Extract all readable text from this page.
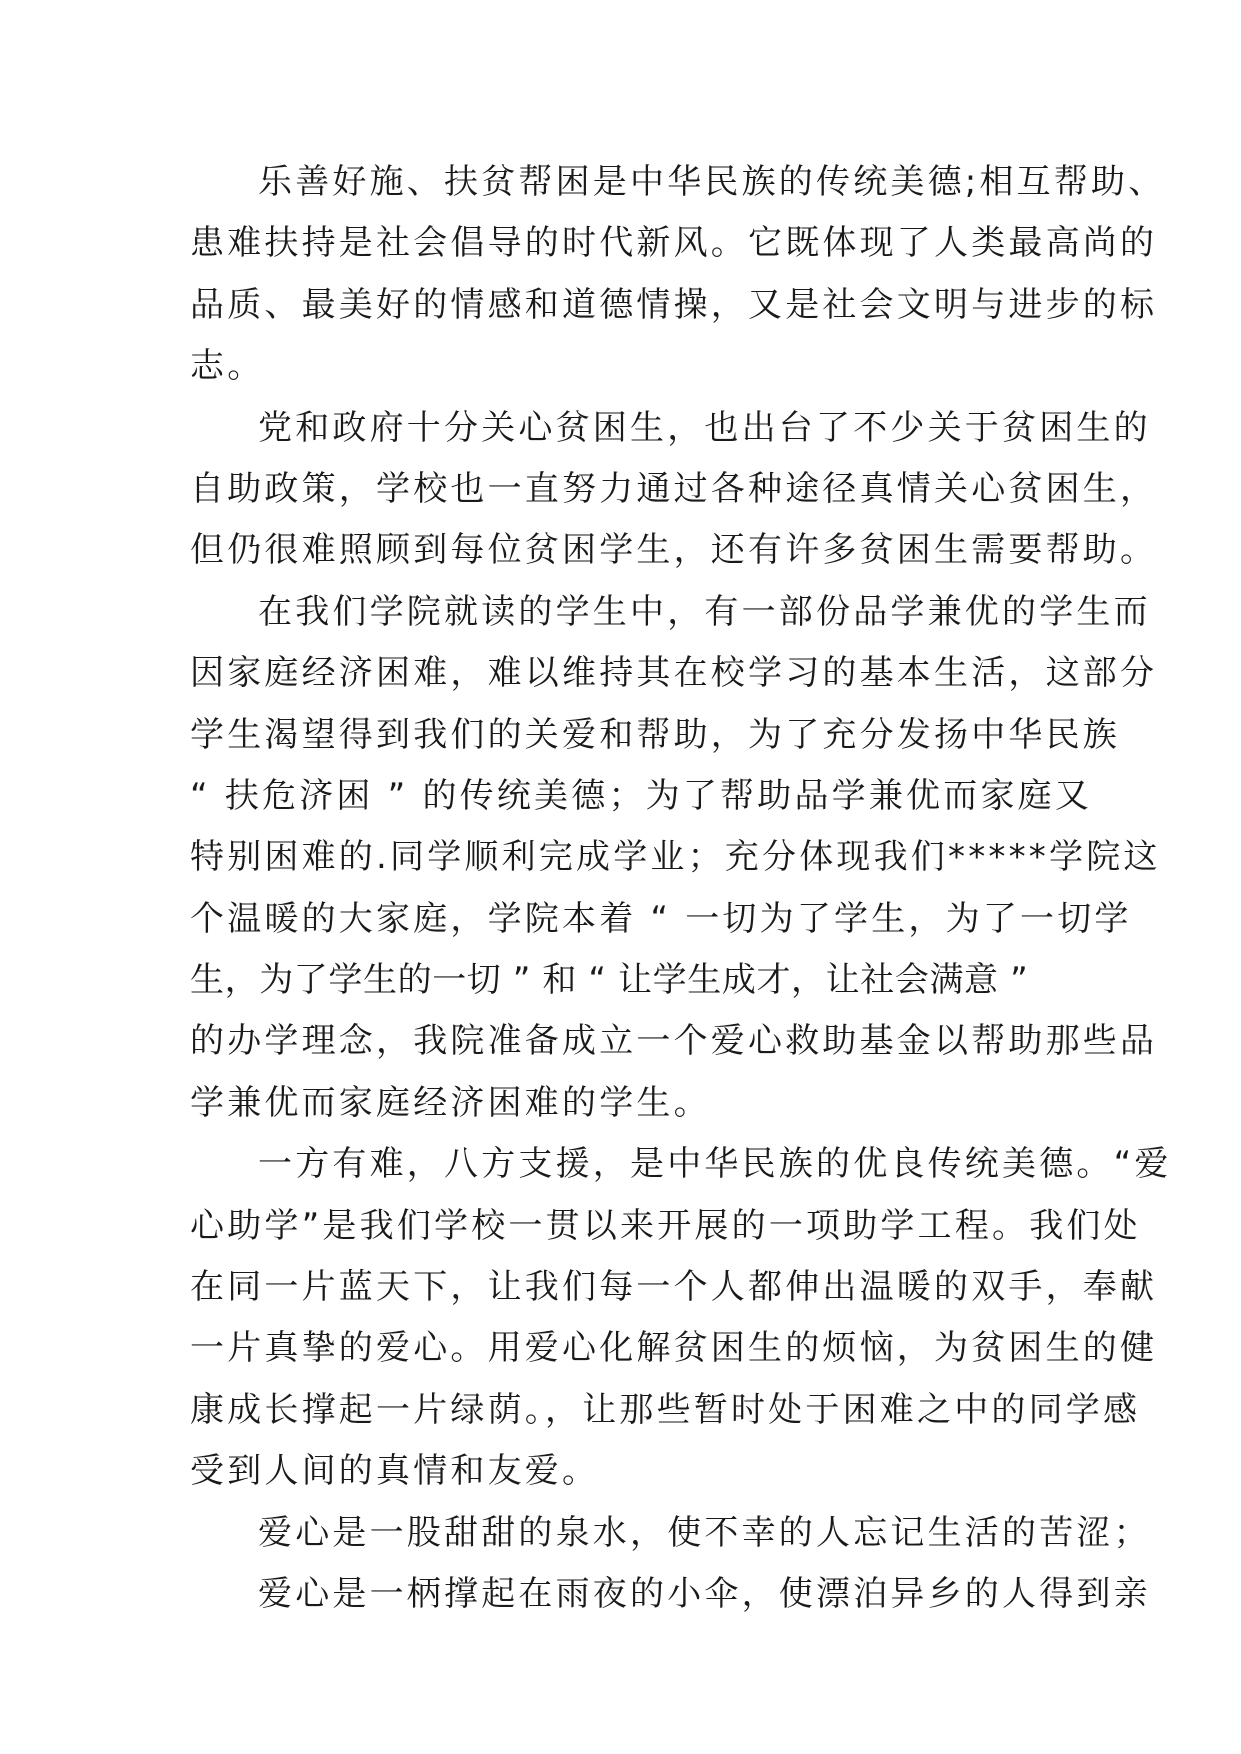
乐善好施、扶贫帮困是中华民族的传统美德;相互帮助、
患难扶持是社会倡导的时代新风。它既体现了人类最高尚的
品质、最美好的情感和道德情操，又是社会文明与进步的标
志。
党和政府十分关心贫困生，也出台了不少关于贫困生的
自助政策，学校也一直努力通过各种途径真情关心贫困生，
但仍很难照顾到每位贫困学生，还有许多贫困生需要帮助。
在我们学院就读的学生中，有一部份品学兼优的学生而
因家庭经济困难，难以维持其在校学习的基本生活，这部分
学生渴望得到我们的关爱和帮助，为了充分发扬中华民族
“ 扶危济困 ” 的传统美德；为了帮助品学兼优而家庭又
特别困难的.同学顺利完成学业；充分体现我们*****学院这
个温暖的大家庭，学院本着 “ 一切为了学生，为了一切学
生，为了学生的一切 ” 和 “ 让学生成才，让社会满意 ”
的办学理念，我院准备成立一个爱心救助基金以帮助那些品
学兼优而家庭经济困难的学生。
一方有难，八方支援，是中华民族的优良传统美德。“爱
心助学”是我们学校一贯以来开展的一项助学工程。我们处
在同一片蓝天下，让我们每一个人都伸出温暖的双手，奉献
一片真挚的爱心。用爱心化解贫困生的烦恼，为贫困生的健
康成长撑起一片绿荫。，让那些暂时处于困难之中的同学感
受到人间的真情和友爱。
爱心是一股甜甜的泉水，使不幸的人忘记生活的苦涩；
爱心是一柄撑起在雨夜的小伞，使漂泊异乡的人得到亲
